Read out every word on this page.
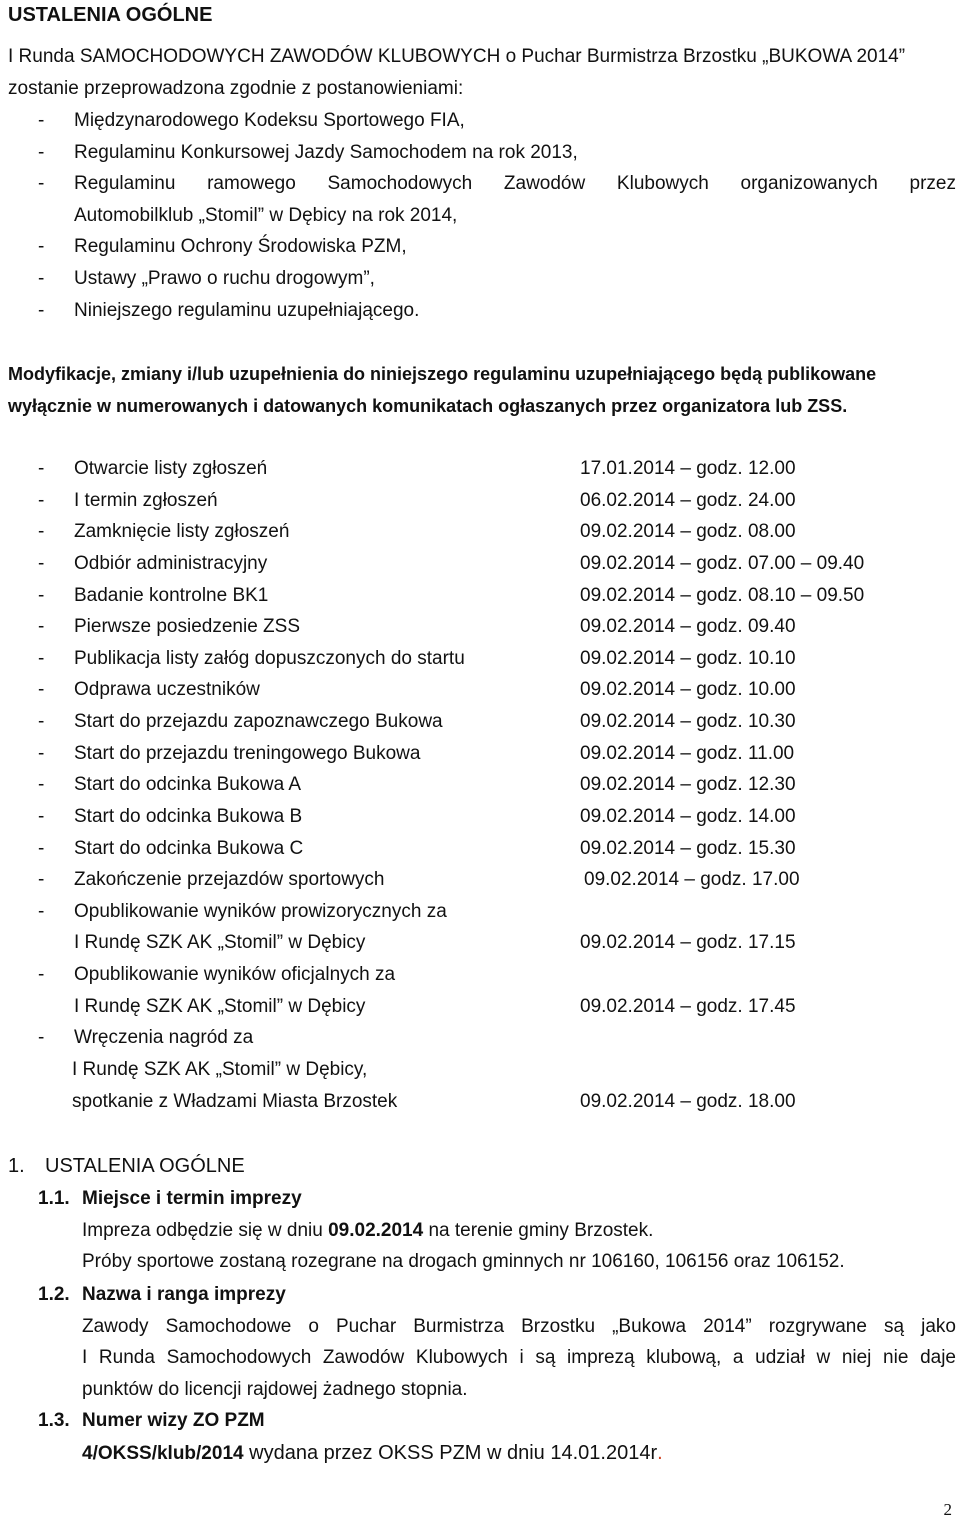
USTALENIA OGÓLNE
I Runda SAMOCHODOWYCH ZAWODÓW KLUBOWYCH o Puchar Burmistrza Brzostku „BUKOWA 2014”
zostanie przeprowadzona zgodnie z postanowieniami:
- Międzynarodowego Kodeksu Sportowego FIA,
- Regulaminu Konkursowej Jazdy Samochodem na rok 2013,
- Regulaminu ramowego Samochodowych Zawodów Klubowych organizowanych przez
Automobilklub „Stomil” w Dębicy na rok 2014,
- Regulaminu Ochrony Środowiska PZM,
- Ustawy „Prawo o ruchu drogowym”,
- Niniejszego regulaminu uzupełniającego.
Modyfikacje, zmiany i/lub uzupełnienia do niniejszego regulaminu uzupełniającego będą publikowane
wyłącznie w numerowanych i datowanych komunikatach ogłaszanych przez organizatora lub ZSS.
- Otwarcie listy zgłoszeń	17.01.2014 – godz. 12.00
- I termin zgłoszeń	06.02.2014 – godz. 24.00
- Zamknięcie listy zgłoszeń	09.02.2014 – godz. 08.00
- Odbiór administracyjny	09.02.2014 – godz. 07.00 – 09.40
- Badanie kontrolne BK1	09.02.2014 – godz. 08.10 – 09.50
- Pierwsze posiedzenie ZSS	09.02.2014 – godz. 09.40
- Publikacja listy załóg dopuszczonych do startu	09.02.2014 – godz. 10.10
- Odprawa uczestników	09.02.2014 – godz. 10.00
- Start do przejazdu zapoznawczego Bukowa	09.02.2014 – godz. 10.30
- Start do przejazdu treningowego Bukowa	09.02.2014 – godz. 11.00
- Start do odcinka Bukowa A	09.02.2014 – godz. 12.30
- Start do odcinka Bukowa B	09.02.2014 – godz. 14.00
- Start do odcinka Bukowa C	09.02.2014 – godz. 15.30
- Zakończenie przejazdów sportowych	09.02.2014 – godz. 17.00
- Opublikowanie wyników prowizorycznych za
I Rundę SZK AK „Stomil” w Dębicy	09.02.2014 – godz. 17.15
- Opublikowanie wyników oficjalnych za
I Rundę SZK AK „Stomil” w Dębicy	09.02.2014 – godz. 17.45
- Wręczenia nagród za
I Rundę SZK AK „Stomil” w Dębicy,
spotkanie z Władzami Miasta Brzostek	09.02.2014 – godz. 18.00
1. USTALENIA OGÓLNE
1.1. Miejsce i termin imprezy
Impreza odbędzie się w dniu 09.02.2014 na terenie gminy Brzostek.
Próby sportowe zostaną rozegrane na drogach gminnych nr 106160, 106156 oraz 106152.
1.2. Nazwa i ranga imprezy
Zawody Samochodowe o Puchar Burmistrza Brzostku „Bukowa 2014” rozgrywane są jako
I Runda Samochodowych Zawodów Klubowych i są imprezą klubową, a udział w niej nie daje
punktów do licencji rajdowej żadnego stopnia.
1.3. Numer wizy ZO PZM
4/OKSS/klub/2014 wydana przez OKSS PZM w dniu 14.01.2014r.
2
